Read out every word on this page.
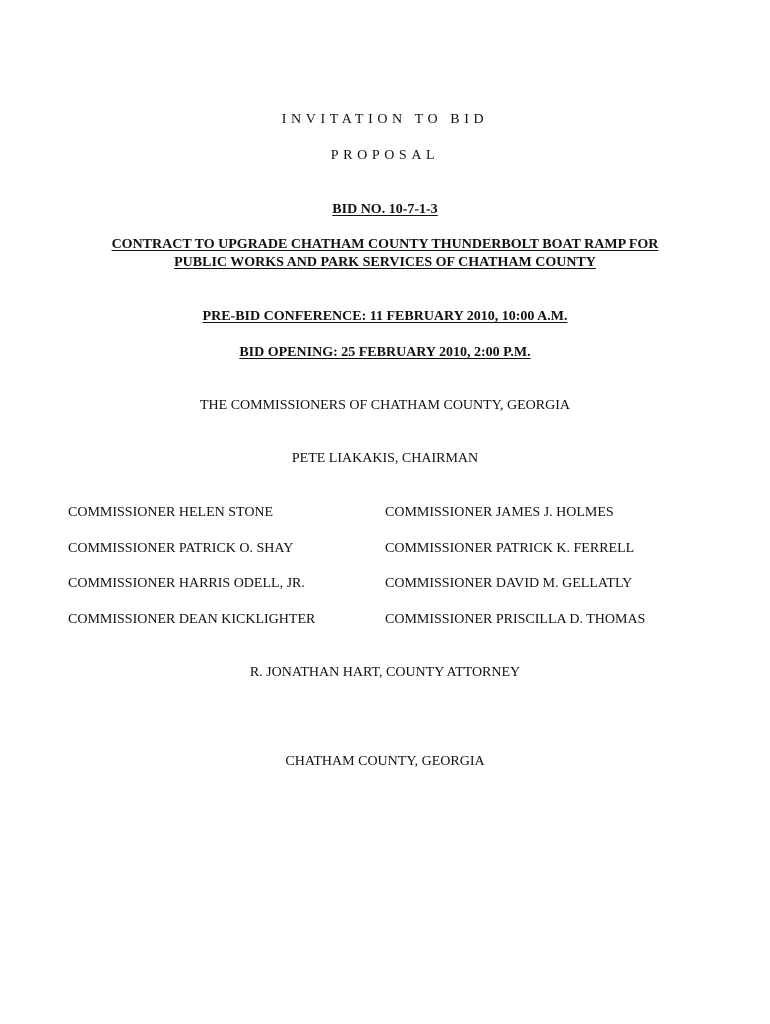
INVITATION TO BID
PROPOSAL
BID NO. 10-7-1-3
CONTRACT TO UPGRADE CHATHAM COUNTY THUNDERBOLT BOAT RAMP FOR
PUBLIC WORKS AND PARK SERVICES OF CHATHAM COUNTY
PRE-BID CONFERENCE: 11 FEBRUARY 2010, 10:00 A.M.
BID OPENING: 25 FEBRUARY 2010, 2:00 P.M.
THE COMMISSIONERS OF CHATHAM COUNTY, GEORGIA
PETE LIAKAKIS, CHAIRMAN
COMMISSIONER HELEN STONE	COMMISSIONER JAMES J. HOLMES
COMMISSIONER PATRICK O. SHAY	COMMISSIONER PATRICK K. FERRELL
COMMISSIONER HARRIS ODELL, JR.	COMMISSIONER DAVID M. GELLATLY
COMMISSIONER DEAN KICKLIGHTER	COMMISSIONER PRISCILLA D. THOMAS
R. JONATHAN HART, COUNTY ATTORNEY
CHATHAM COUNTY, GEORGIA
